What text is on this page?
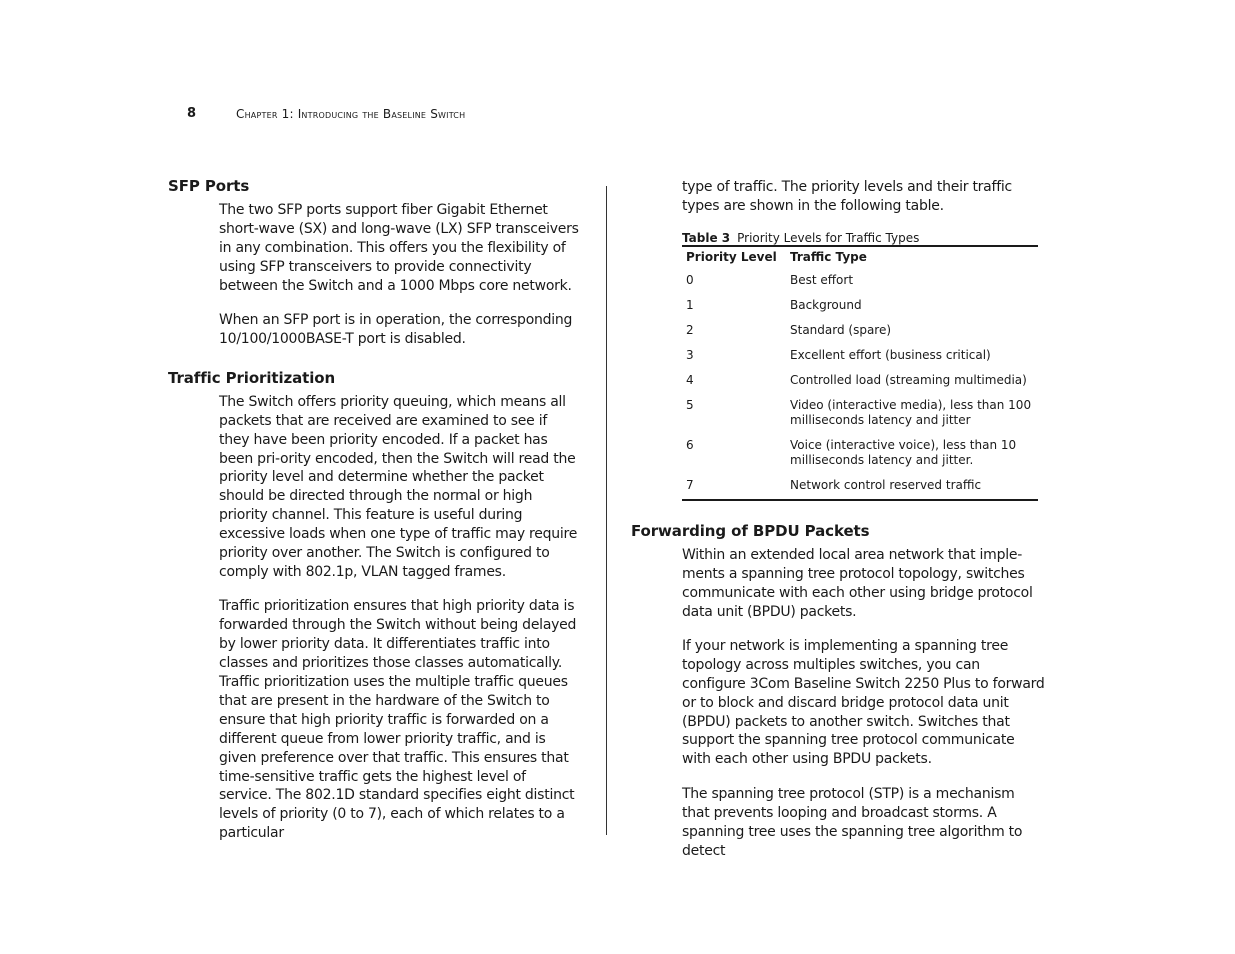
8	Chapter 1: Introducing the Baseline Switch
SFP Ports

The two SFP ports support fiber Gigabit Ethernet short-wave (SX) and long-wave (LX) SFP transceivers in any combination. This offers you the flexibility of using SFP transceivers to provide connectivity between the Switch and a 1000 Mbps core network.

When an SFP port is in operation, the corresponding 10/100/1000BASE-T port is disabled.

Traffic Prioritization

The Switch offers priority queuing, which means all packets that are received are examined to see if they have been priority encoded. If a packet has been pri-ority encoded, then the Switch will read the priority level and determine whether the packet should be directed through the normal or high priority channel. This feature is useful during excessive loads when one type of traffic may require priority over another. The Switch is configured to comply with 802.1p, VLAN tagged frames.

Traffic prioritization ensures that high priority data is forwarded through the Switch without being delayed by lower priority data. It differentiates traffic into classes and prioritizes those classes automatically. Traffic prioritization uses the multiple traffic queues that are present in the hardware of the Switch to ensure that high priority traffic is forwarded on a different queue from lower priority traffic, and is given preference over that traffic. This ensures that time-sensitive traffic gets the highest level of service. The 802.1D standard specifies eight distinct levels of priority (0 to 7), each of which relates to a particular

type of traffic. The priority levels and their traffic types are shown in the following table.

Table 3 Priority Levels for Traffic Types
Priority Level	Traffic Type
0	Best effort
1	Background
2	Standard (spare)
3	Excellent effort (business critical)
4	Controlled load (streaming multimedia)
5	Video (interactive media), less than 100 milliseconds latency and jitter
6	Voice (interactive voice), less than 10 milliseconds latency and jitter.
7	Network control reserved traffic
Forwarding of BPDU Packets

Within an extended local area network that imple-ments a spanning tree protocol topology, switches communicate with each other using bridge protocol data unit (BPDU) packets.

If your network is implementing a spanning tree topology across multiples switches, you can configure 3Com Baseline Switch 2250 Plus to forward or to block and discard bridge protocol data unit (BPDU) packets to another switch. Switches that support the spanning tree protocol communicate with each other using BPDU packets.

The spanning tree protocol (STP) is a mechanism that prevents looping and broadcast storms. A spanning tree uses the spanning tree algorithm to detect
